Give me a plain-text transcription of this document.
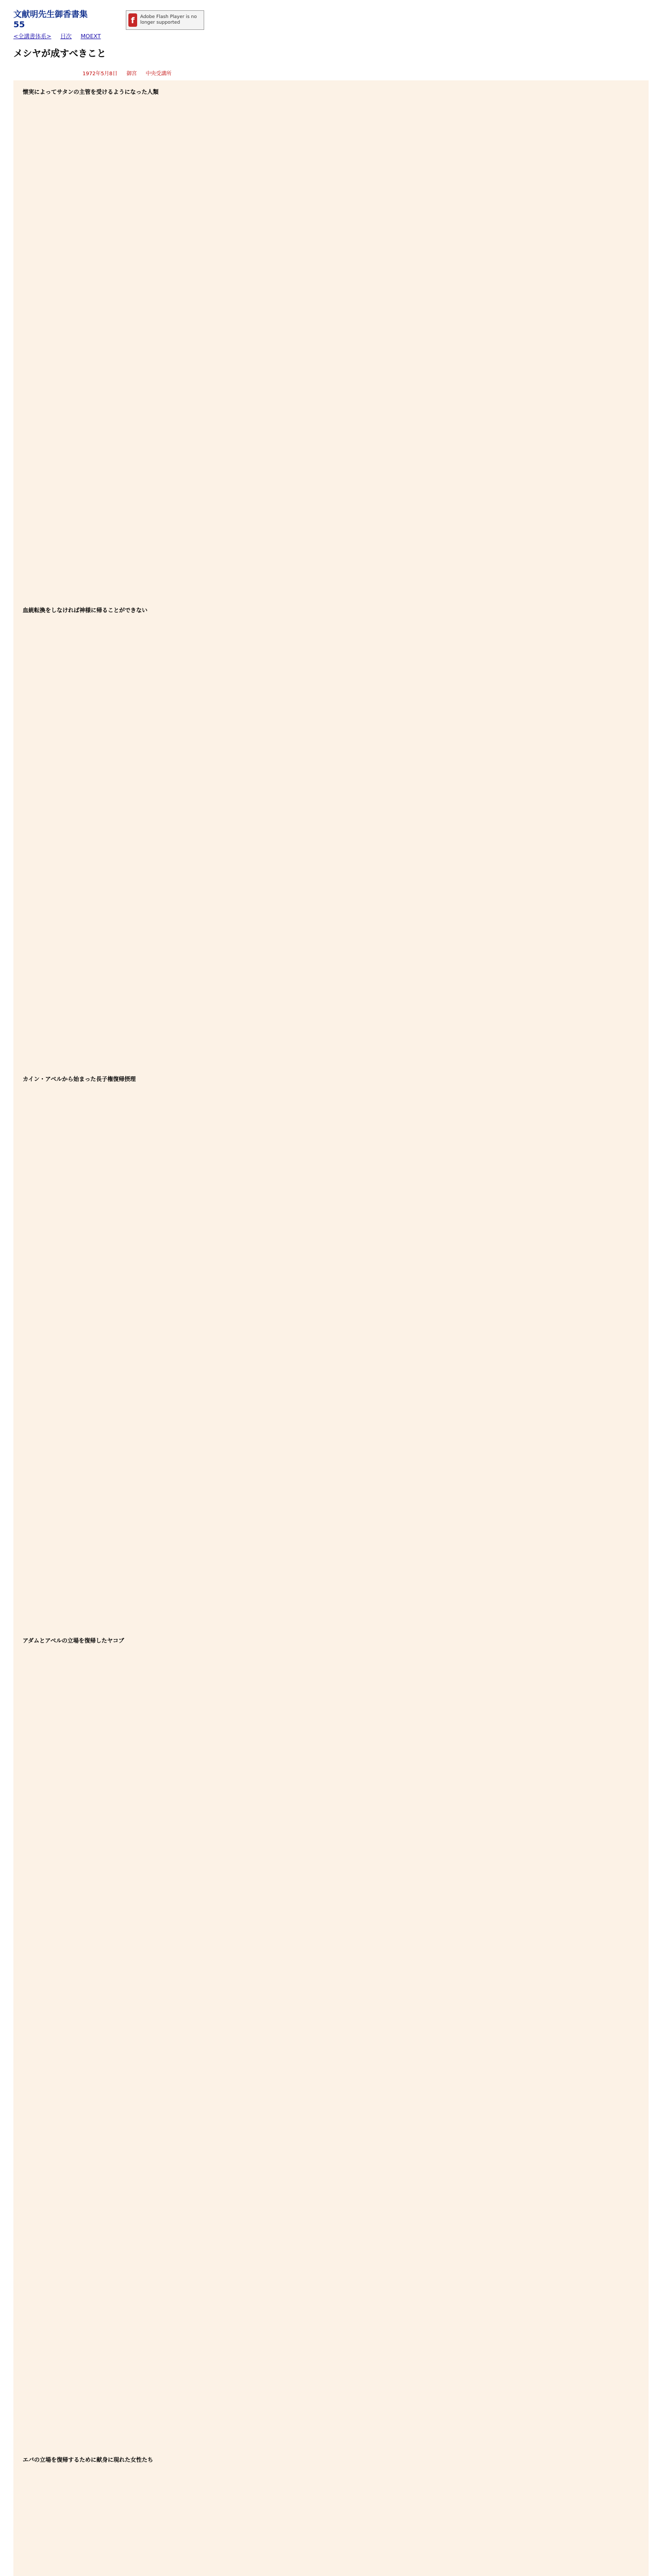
文献明先生御香書集
55
<全講書体系> 目次 MOEXT
f	Adobe Flash Player is no longer supported
メシヤが成すべきこと
1972年5月8日 御宮 中央受講所
懐実によってサタンの主管を受けるようになった人類
血統転換をしなければ神様に帰ることができない
カイン・アベルから始まった長子権復帰摂理
アダムとアベルの立場を復帰したヤコブ
エバの立場を復帰するために献身に現れた女性たち
